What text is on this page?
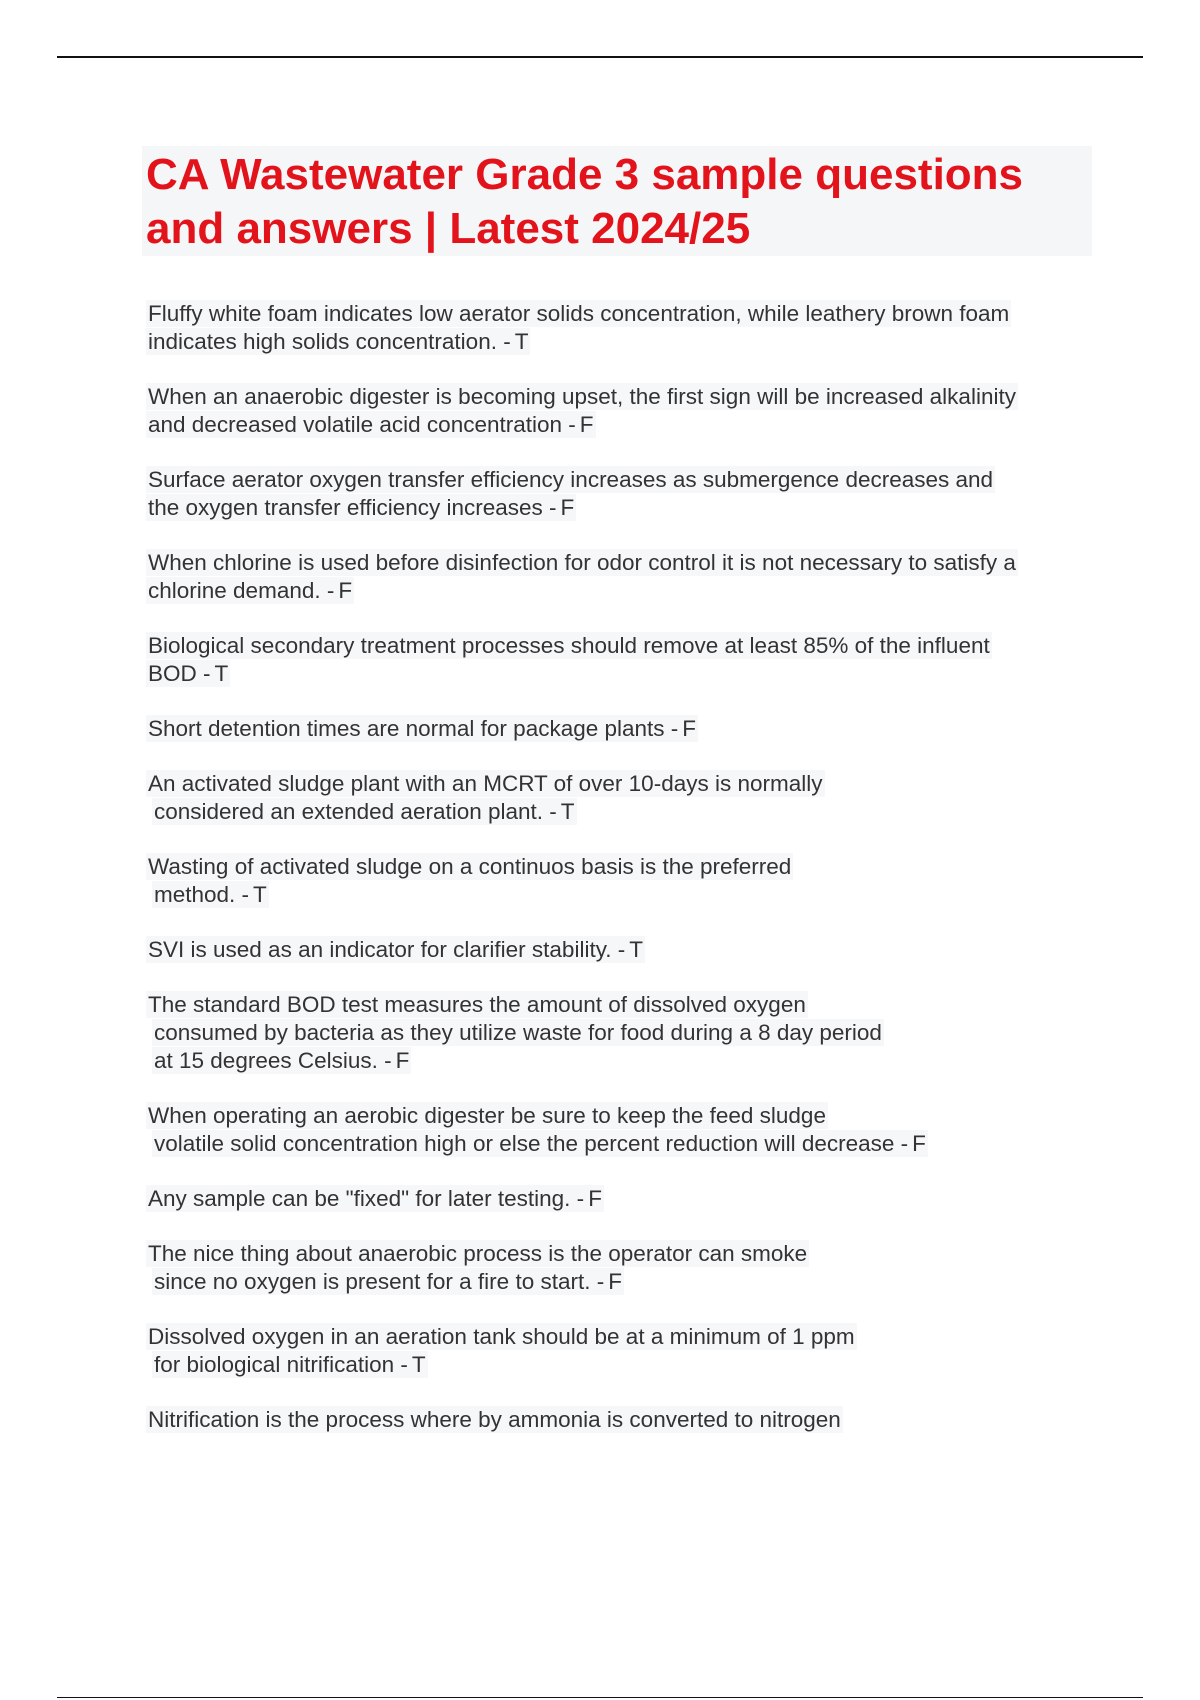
CA Wastewater Grade 3 sample questions and answers | Latest 2024/25
Fluffy white foam indicates low aerator solids concentration, while leathery brown foam
indicates high solids concentration. - T
When an anaerobic digester is becoming upset, the first sign will be increased alkalinity
and decreased volatile acid concentration - F
Surface aerator oxygen transfer efficiency increases as submergence decreases and
the oxygen transfer efficiency increases - F
When chlorine is used before disinfection for odor control it is not necessary to satisfy a
chlorine demand. - F
Biological secondary treatment processes should remove at least 85% of the influent
BOD - T
Short detention times are normal for package plants - F
An activated sludge plant with an MCRT of over 10-days is normally
considered an extended aeration plant. - T
Wasting of activated sludge on a continuos basis is the preferred
method. - T
SVI is used as an indicator for clarifier stability. - T
The standard BOD test measures the amount of dissolved oxygen
consumed by bacteria as they utilize waste for food during a 8 day period
at 15 degrees Celsius. - F
When operating an aerobic digester be sure to keep the feed sludge
volatile solid concentration high or else the percent reduction will decrease - F
Any sample can be "fixed" for later testing. - F
The nice thing about anaerobic process is the operator can smoke
since no oxygen is present for a fire to start. - F
Dissolved oxygen in an aeration tank should be at a minimum of 1 ppm
for biological nitrification - T
Nitrification is the process where by ammonia is converted to nitrogen
